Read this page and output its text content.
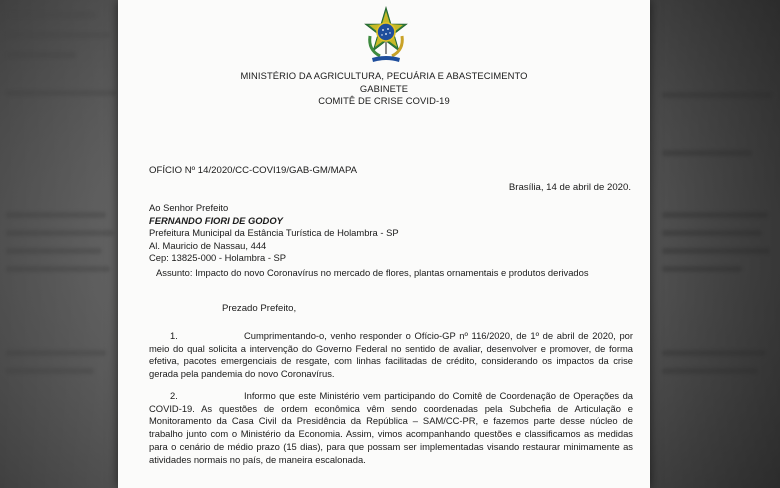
MINISTÉRIO DA AGRICULTURA, PECUÁRIA E ABASTECIMENTO
GABINETE
COMITÊ DE CRISE COVID-19
OFÍCIO Nº 14/2020/CC-COVI19/GAB-GM/MAPA
Brasília, 14 de abril de 2020.
Ao Senhor Prefeito
FERNANDO FIORI DE GODOY
Prefeitura Municipal da Estância Turística de Holambra - SP
Al. Mauricio de Nassau, 444
Cep: 13825-000 - Holambra - SP
Assunto: Impacto do novo Coronavírus no mercado de flores, plantas ornamentais e produtos derivados
Prezado Prefeito,
1.	Cumprimentando-o, venho responder o Ofício-GP nº 116/2020, de 1º de abril de 2020, por meio do qual solicita a intervenção do Governo Federal no sentido de avaliar, desenvolver e promover, de forma efetiva, pacotes emergenciais de resgate, com linhas facilitadas de crédito, considerando os impactos da crise gerada pela pandemia do novo Coronavírus.
2.	Informo que este Ministério vem participando do Comitê de Coordenação de Operações da COVID-19. As questões de ordem econômica vêm sendo coordenadas pela Subchefia de Articulação e Monitoramento da Casa Civil da Presidência da República – SAM/CC-PR, e fazemos parte desse núcleo de trabalho junto com o Ministério da Economia. Assim, vimos acompanhando questões e classificamos as medidas para o cenário de médio prazo (15 dias), para que possam ser implementadas visando restaurar minimamente as atividades normais no país, de maneira escalonada.
